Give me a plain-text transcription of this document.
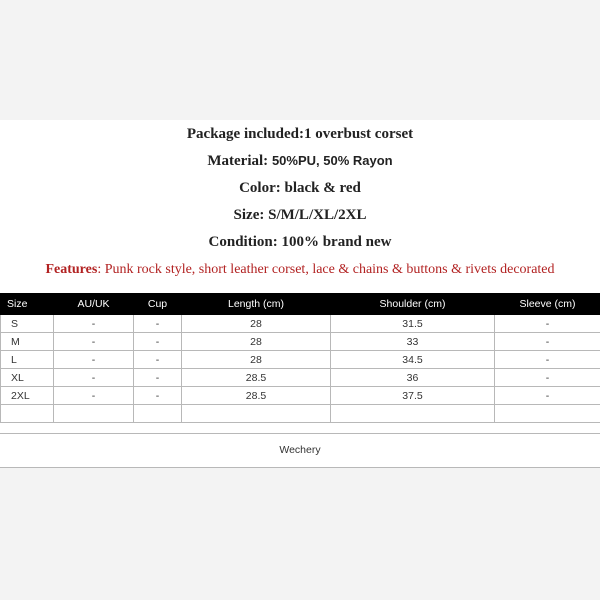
Package included:1 overbust corset
Material: 50%PU, 50% Rayon
Color: black & red
Size: S/M/L/XL/2XL
Condition: 100% brand new
Features: Punk rock style, short leather corset, lace & chains & buttons & rivets decorated
Size	AU/UK	Cup	Length (cm)	Shoulder (cm)	Sleeve (cm)
S	-	-	28	31.5	-
M	-	-	28	33	-
L	-	-	28	34.5	-
XL	-	-	28.5	36	-
2XL	-	-	28.5	37.5	-

Wechery
